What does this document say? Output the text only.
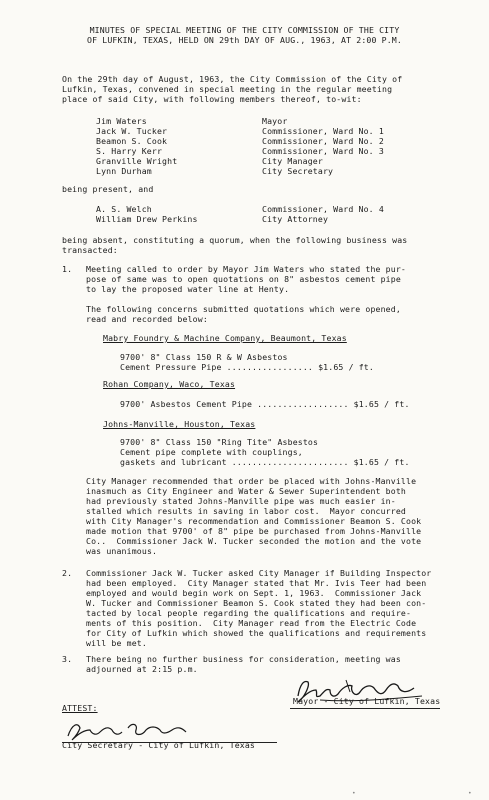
MINUTES OF SPECIAL MEETING OF THE CITY COMMISSION OF THE CITY
OF LUFKIN, TEXAS, HELD ON 29th DAY OF AUG., 1963, AT 2:00 P.M.
On the 29th day of August, 1963, the City Commission of the City of
Lufkin, Texas, convened in special meeting in the regular meeting
place of said City, with following members thereof, to-wit:
Jim Waters	Mayor
Jack W. Tucker	Commissioner, Ward No. 1
Beamon S. Cook	Commissioner, Ward No. 2
S. Harry Kerr	Commissioner, Ward No. 3
Granville Wright	City Manager
Lynn Durham	City Secretary
being present, and
A. S. Welch	Commissioner, Ward No. 4
William Drew Perkins	City Attorney
being absent, constituting a quorum, when the following business was
transacted:
1. Meeting called to order by Mayor Jim Waters who stated the pur-
pose of same was to open quotations on 8" asbestos cement pipe
to lay the proposed water line at Henty.
The following concerns submitted quotations which were opened,
read and recorded below:
Mabry Foundry & Machine Company, Beaumont, Texas
9700' 8" Class 150 R & W Asbestos
Cement Pressure Pipe ................. $1.65 / ft.
Rohan Company, Waco, Texas
9700' Asbestos Cement Pipe .................. $1.65 / ft.
Johns-Manville, Houston, Texas
9700' 8" Class 150 "Ring Tite" Asbestos
Cement pipe complete with couplings,
gaskets and lubricant ....................... $1.65 / ft.
City Manager recommended that order be placed with Johns-Manville
inasmuch as City Engineer and Water & Sewer Superintendent both
had previously stated Johns-Manville pipe was much easier in-
stalled which results in saving in labor cost.  Mayor concurred
with City Manager's recommendation and Commissioner Beamon S. Cook
made motion that 9700' of 8" pipe be purchased from Johns-Manville
Co..  Commissioner Jack W. Tucker seconded the motion and the vote
was unanimous.
2. Commissioner Jack W. Tucker asked City Manager if Building Inspector
had been employed.  City Manager stated that Mr. Ivis Teer had been
employed and would begin work on Sept. 1, 1963.  Commissioner Jack
W. Tucker and Commissioner Beamon S. Cook stated they had been con-
tacted by local people regarding the qualifications and require-
ments of this position.  City Manager read from the Electric Code
for City of Lufkin which showed the qualifications and requirements
will be met.
3. There being no further business for consideration, meeting was
adjourned at 2:15 p.m.
Mayor - City of Lufkin, Texas
ATTEST:
City Secretary - City of Lufkin, Texas
•	•
